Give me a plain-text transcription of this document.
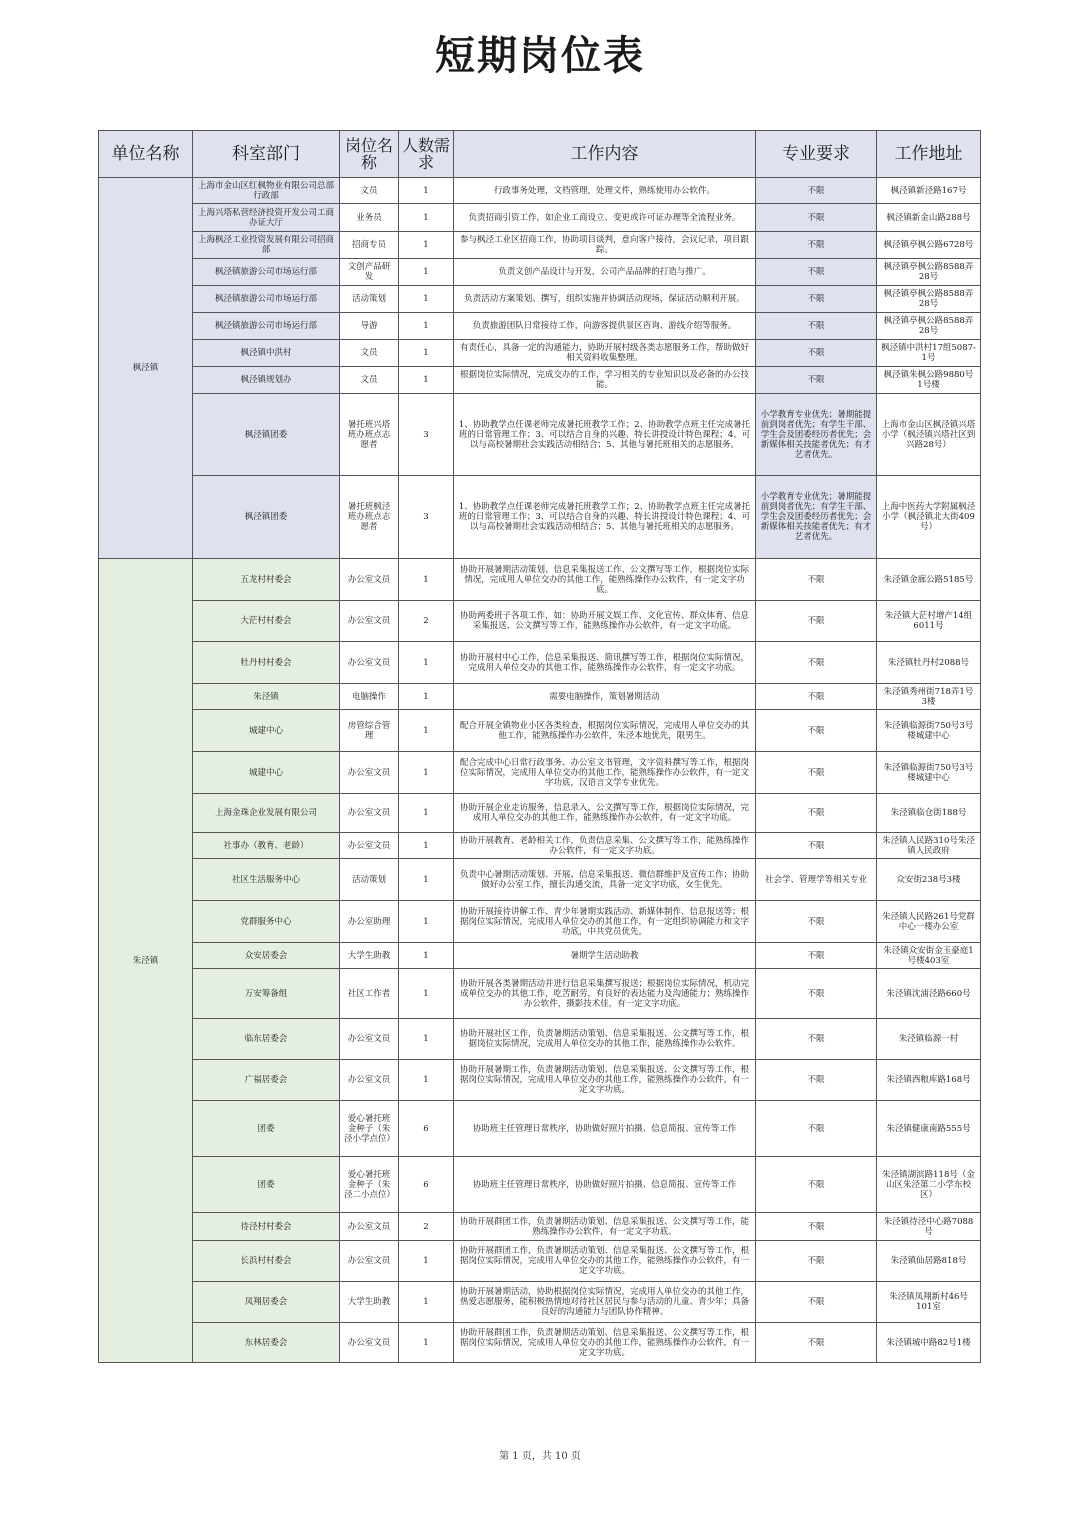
短期岗位表
单位名称	科室部门	岗位名称	人数需求	工作内容	专业要求	工作地址
枫泾镇	上海市金山区红枫物业有限公司总部行政部	文员	1	行政事务处理，文档管理，处理文件，熟练使用办公软件。	不限	枫泾镇新泾路167号
	上海兴塔私营经济投资开发公司工商办证大厅	业务员	1	负责招商引资工作，如企业工商设立、变更或许可证办理等全流程业务。	不限	枫泾镇新金山路288号
	上海枫泾工业投资发展有限公司招商部	招商专员	1	参与枫泾工业区招商工作，协助项目谈判，意向客户接待，会议记录，项目跟踪。	不限	枫泾镇亭枫公路6728号
	枫泾镇旅游公司市场运行部	文创产品研发	1	负责文创产品设计与开发，公司产品品牌的打造与推广。	不限	枫泾镇亭枫公路8588弄28号
	枫泾镇旅游公司市场运行部	活动策划	1	负责活动方案策划、撰写，组织实施并协调活动现场，保证活动顺利开展。	不限	枫泾镇亭枫公路8588弄28号
	枫泾镇旅游公司市场运行部	导游	1	负责旅游团队日常接待工作，向游客提供景区咨询、游线介绍等服务。	不限	枫泾镇亭枫公路8588弄28号
	枫泾镇中洪村	文员	1	有责任心，具备一定的沟通能力，协助开展村级各类志愿服务工作，帮助做好相关资料收集整理。	不限	枫泾镇中洪村17组5087-1号
	枫泾镇规划办	文员	1	根据岗位实际情况，完成交办的工作，学习相关的专业知识以及必备的办公技能。	不限	枫泾镇朱枫公路9880号1号楼
	枫泾镇团委	暑托班兴塔班办班点志愿者	3	1、协助教学点任课老师完成暑托班教学工作；2、协助教学点班主任完成暑托班的日常管理工作；3、可以结合自身的兴趣、特长讲授设计特色课程；4、可以与高校暑期社会实践活动相结合；5、其他与暑托班相关的志愿服务。	小学教育专业优先；暑期能提前到岗者优先；有学生干部、学生会及团委经历者优先；会新媒体相关技能者优先；有才艺者优先。	上海市金山区枫泾镇兴塔小学（枫泾镇兴塔社区到兴路28号）
	枫泾镇团委	暑托班枫泾班办班点志愿者	3	1、协助教学点任课老师完成暑托班教学工作；2、协助教学点班主任完成暑托班的日常管理工作；3、可以结合自身的兴趣、特长讲授设计特色课程；4、可以与高校暑期社会实践活动相结合；5、其他与暑托班相关的志愿服务。	小学教育专业优先；暑期能提前到岗者优先；有学生干部、学生会及团委经历者优先；会新媒体相关技能者优先；有才艺者优先。	上海中医药大学附属枫泾小学（枫泾镇北大街409号）
朱泾镇	五龙村村委会	办公室文员	1	协助开展暑期活动策划、信息采集报送工作、公文撰写等工作，根据岗位实际情况，完成用人单位交办的其他工作，能熟练操作办公软件，有一定文字功底。	不限	朱泾镇金廊公路5185号
	大茫村村委会	办公室文员	2	协助两委班子各项工作，如：协助开展文娱工作、文化宣传、群众体育、信息采集报送、公文撰写等工作，能熟练操作办公软件，有一定文字功底。	不限	朱泾镇大茫村增产14组6011号
	牡丹村村委会	办公室文员	1	协助开展村中心工作，信息采集报送、简讯撰写等工作，根据岗位实际情况，完成用人单位交办的其他工作，能熟练操作办公软件，有一定文字功底。	不限	朱泾镇牡丹村2088号
	朱泾镇	电脑操作	1	需要电脑操作，策划暑期活动	不限	朱泾镇秀州街718弄1号3楼
	城建中心	房管综合管理	1	配合开展全镇物业小区各类检查，根据岗位实际情况，完成用人单位交办的其他工作，能熟练操作办公软件，朱泾本地优先，限男生。	不限	朱泾镇临源街750号3号楼城建中心
	城建中心	办公室文员	1	配合完成中心日常行政事务、办公室文书管理，文字资料撰写等工作，根据岗位实际情况，完成用人单位交办的其他工作，能熟练操作办公软件，有一定文字功底，汉语言文学专业优先。	不限	朱泾镇临源街750号3号楼城建中心
	上海金珠企业发展有限公司	办公室文员	1	协助开展企业走访服务，信息录入，公文撰写等工作，根据岗位实际情况，完成用人单位交办的其他工作，能熟练操作办公软件，有一定文字功底。	不限	朱泾镇临仓街188号
	社事办（教育、老龄）	办公室文员	1	协助开展教育、老龄相关工作，负责信息采集、公文撰写等工作，能熟练操作办公软件，有一定文字功底。	不限	朱泾镇人民路310号朱泾镇人民政府
	社区生活服务中心	活动策划	1	负责中心暑期活动策划、开展、信息采集报送、微信群维护及宣传工作；协助做好办公室工作，擅长沟通交流，具备一定文字功底，女生优先。	社会学、管理学等相关专业	众安街238号3楼
	党群服务中心	办公室助理	1	协助开展接待讲解工作、青少年暑期实践活动、新媒体制作、信息报送等；根据岗位实际情况，完成用人单位交办的其他工作，有一定组织协调能力和文字功底，中共党员优先。	不限	朱泾镇人民路261号党群中心一楼办公室
	众安居委会	大学生助教	1	暑期学生活动助教	不限	朱泾镇众安街金玉豪庭1号楼403室
	万安筹备组	社区工作者	1	协助开展各类暑期活动并进行信息采集撰写报送；根据岗位实际情况，机动完成单位交办的其他工作，吃苦耐劳，有良好的表达能力及沟通能力；熟练操作办公软件，摄影技术佳，有一定文字功底。	不限	朱泾镇沈浦泾路660号
	临东居委会	办公室文员	1	协助开展社区工作，负责暑期活动策划、信息采集报送、公文撰写等工作，根据岗位实际情况，完成用人单位交办的其他工作，能熟练操作办公软件。	不限	朱泾镇临源一村
	广福居委会	办公室文员	1	协助开展暑期工作，负责暑期活动策划、信息采集报送、公文撰写等工作，根据岗位实际情况，完成用人单位交办的其他工作，能熟练操作办公软件，有一定文字功底。	不限	朱泾镇西粮库路168号
	团委	爱心暑托班金种子（朱泾小学点位）	6	协助班主任管理日常秩序，协助做好照片拍摄、信息简报、宣传等工作	不限	朱泾镇健康南路555号
	团委	爱心暑托班金种子（朱泾二小点位）	6	协助班主任管理日常秩序，协助做好照片拍摄、信息简报、宣传等工作	不限	朱泾镇湖滨路118号（金山区朱泾第二小学东校区）
	待泾村村委会	办公室文员	2	协助开展群团工作，负责暑期活动策划、信息采集报送、公文撰写等工作，能熟练操作办公软件，有一定文字功底。	不限	朱泾镇待泾中心路7088号
	长浜村村委会	办公室文员	1	协助开展群团工作，负责暑期活动策划、信息采集报送、公文撰写等工作，根据岗位实际情况，完成用人单位交办的其他工作，能熟练操作办公软件，有一定文字功底。	不限	朱泾镇仙居路818号
	凤翔居委会	大学生助教	1	协助开展暑期活动，协助根据岗位实际情况，完成用人单位交办的其他工作，热爱志愿服务，能积极热情地对待社区居民与参与活动的儿童、青少年；具备良好的沟通能力与团队协作精神。	不限	朱泾镇凤翔新村46号101室
	东林居委会	办公室文员	1	协助开展群团工作，负责暑期活动策划、信息采集报送、公文撰写等工作，根据岗位实际情况，完成用人单位交办的其他工作，能熟练操作办公软件，有一定文字功底。	不限	朱泾镇城中路82号1楼
第 1 页，共 10 页
